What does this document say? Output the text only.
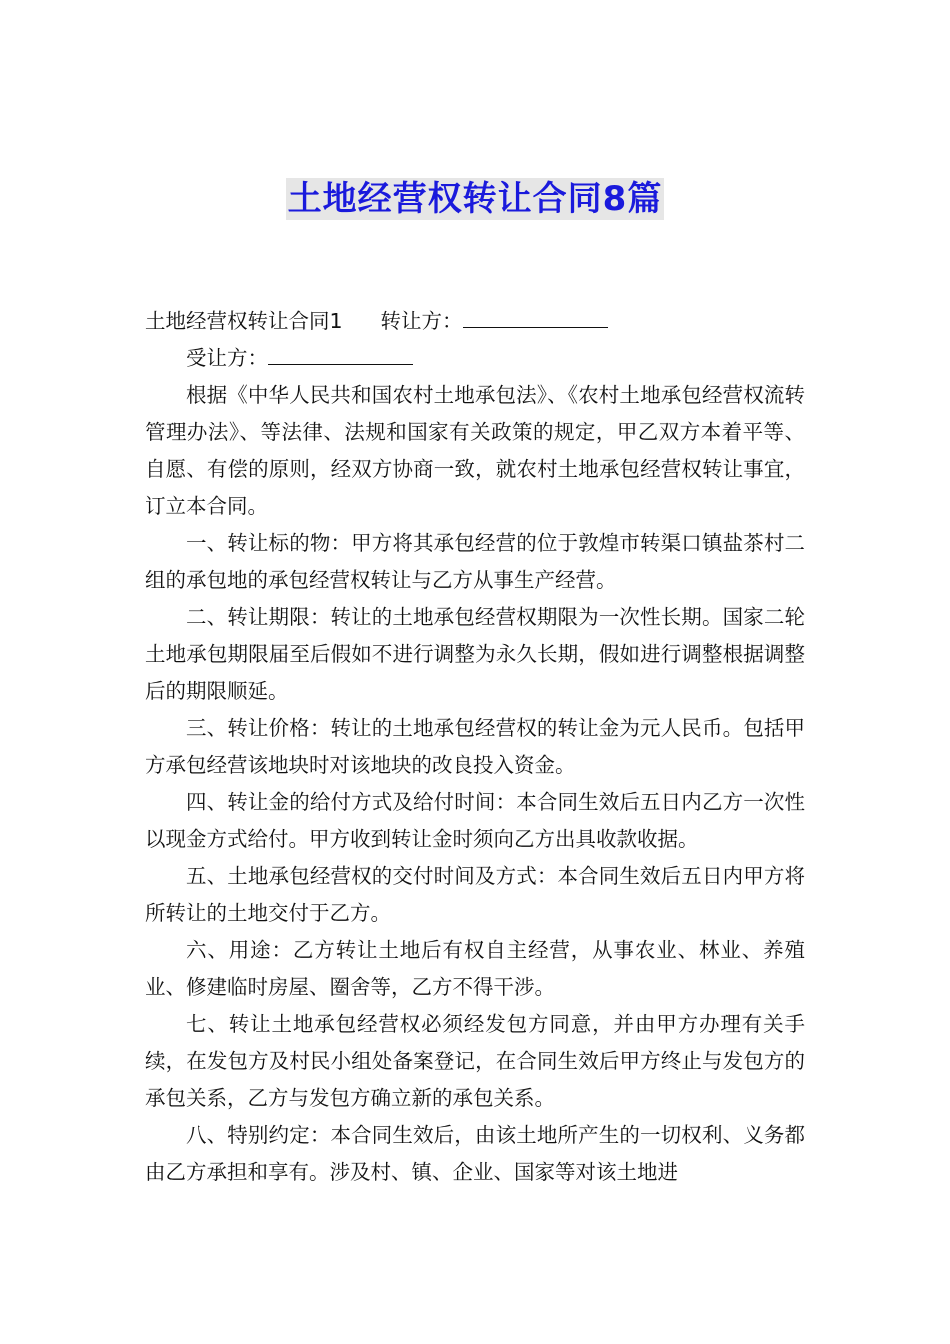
土地经营权转让合同8篇

土地经营权转让合同1 转让方：

受让方：

根据《中华人民共和国农村土地承包法》、《农村土地承包经营权流转管理办法》、等法律、法规和国家有关政策的规定，甲乙双方本着平等、自愿、有偿的原则，经双方协商一致，就农村土地承包经营权转让事宜，订立本合同。

一、转让标的物：甲方将其承包经营的位于敦煌市转渠口镇盐茶村二组的承包地的承包经营权转让与乙方从事生产经营。

二、转让期限：转让的土地承包经营权期限为一次性长期。国家二轮土地承包期限届至后假如不进行调整为永久长期，假如进行调整根据调整后的期限顺延。

三、转让价格：转让的土地承包经营权的转让金为元人民币。包括甲方承包经营该地块时对该地块的改良投入资金。

四、转让金的给付方式及给付时间：本合同生效后五日内乙方一次性以现金方式给付。甲方收到转让金时须向乙方出具收款收据。

五、土地承包经营权的交付时间及方式：本合同生效后五日内甲方将所转让的土地交付于乙方。

六、用途：乙方转让土地后有权自主经营，从事农业、林业、养殖业、修建临时房屋、圈舍等，乙方不得干涉。

七、转让土地承包经营权必须经发包方同意，并由甲方办理有关手续，在发包方及村民小组处备案登记，在合同生效后甲方终止与发包方的承包关系，乙方与发包方确立新的承包关系。

八、特别约定：本合同生效后，由该土地所产生的一切权利、义务都由乙方承担和享有。涉及村、镇、企业、国家等对该土地进
